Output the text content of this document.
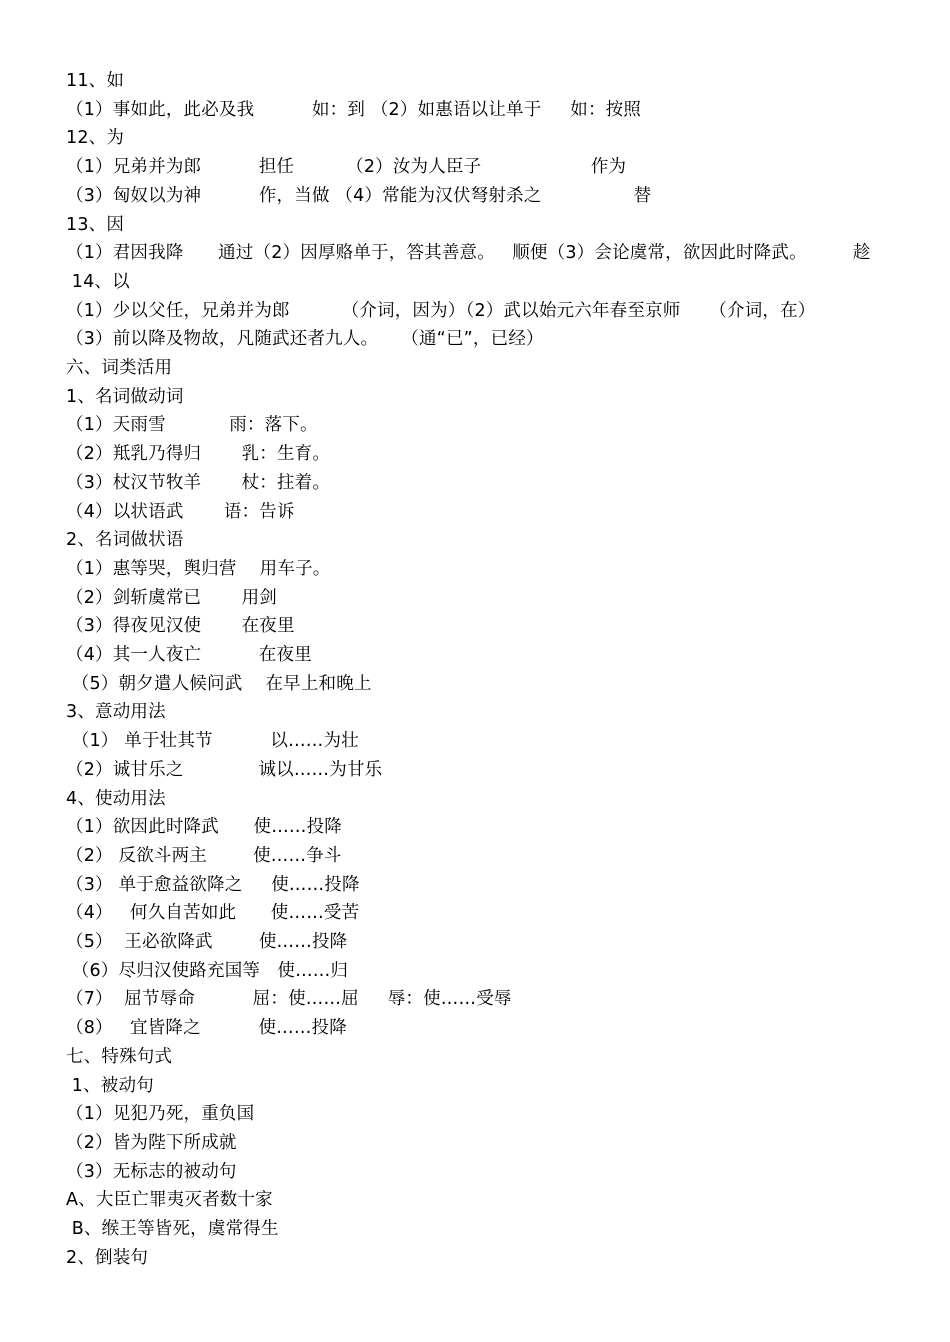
11、如
（1）事如此，此必及我          如：到 （2）如惠语以让单于     如：按照
12、为
（1）兄弟并为郎          担任         （2）汝为人臣子                   作为
（3）匈奴以为神          作，当做 （4）常能为汉伏弩射杀之                替
13、因
（1）君因我降      通过（2）因厚赂单于，答其善意。   顺便（3）会论虞常，欲因此时降武。        趁
14、以
（1）少以父任，兄弟并为郎         （介词，因为）（2）武以始元六年春至京师     （介词，在）
（3）前以降及物故，凡随武还者九人。    （通“已”，已经）
六、词类活用
1、名词做动词
（1）天雨雪           雨：落下。
（2）羝乳乃得归       乳：生育。
（3）杖汉节牧羊       杖：拄着。
（4）以状语武       语：告诉
2、名词做状语
（1）惠等哭，舆归营    用车子。
（2）剑斩虞常已       用剑
（3）得夜见汉使       在夜里
（4）其一人夜亡          在夜里
（5）朝夕遣人候问武    在早上和晚上
3、意动用法
（1） 单于壮其节          以……为壮
（2）诚甘乐之             诚以……为甘乐
4、使动用法
（1）欲因此时降武      使……投降
（2） 反欲斗两主        使……争斗
（3） 单于愈益欲降之     使……投降
（4）   何久自苦如此      使……受苦
（5）  王必欲降武        使……投降
（6）尽归汉使路充国等   使……归
（7）  屈节辱命          屈：使……屈     辱：使……受辱
（8）   宜皆降之          使……投降
七、特殊句式
1、被动句
（1）见犯乃死，重负国
（2）皆为陛下所成就
（3）无标志的被动句
A、大臣亡罪夷灭者数十家
B、缑王等皆死，虞常得生
2、倒装句
